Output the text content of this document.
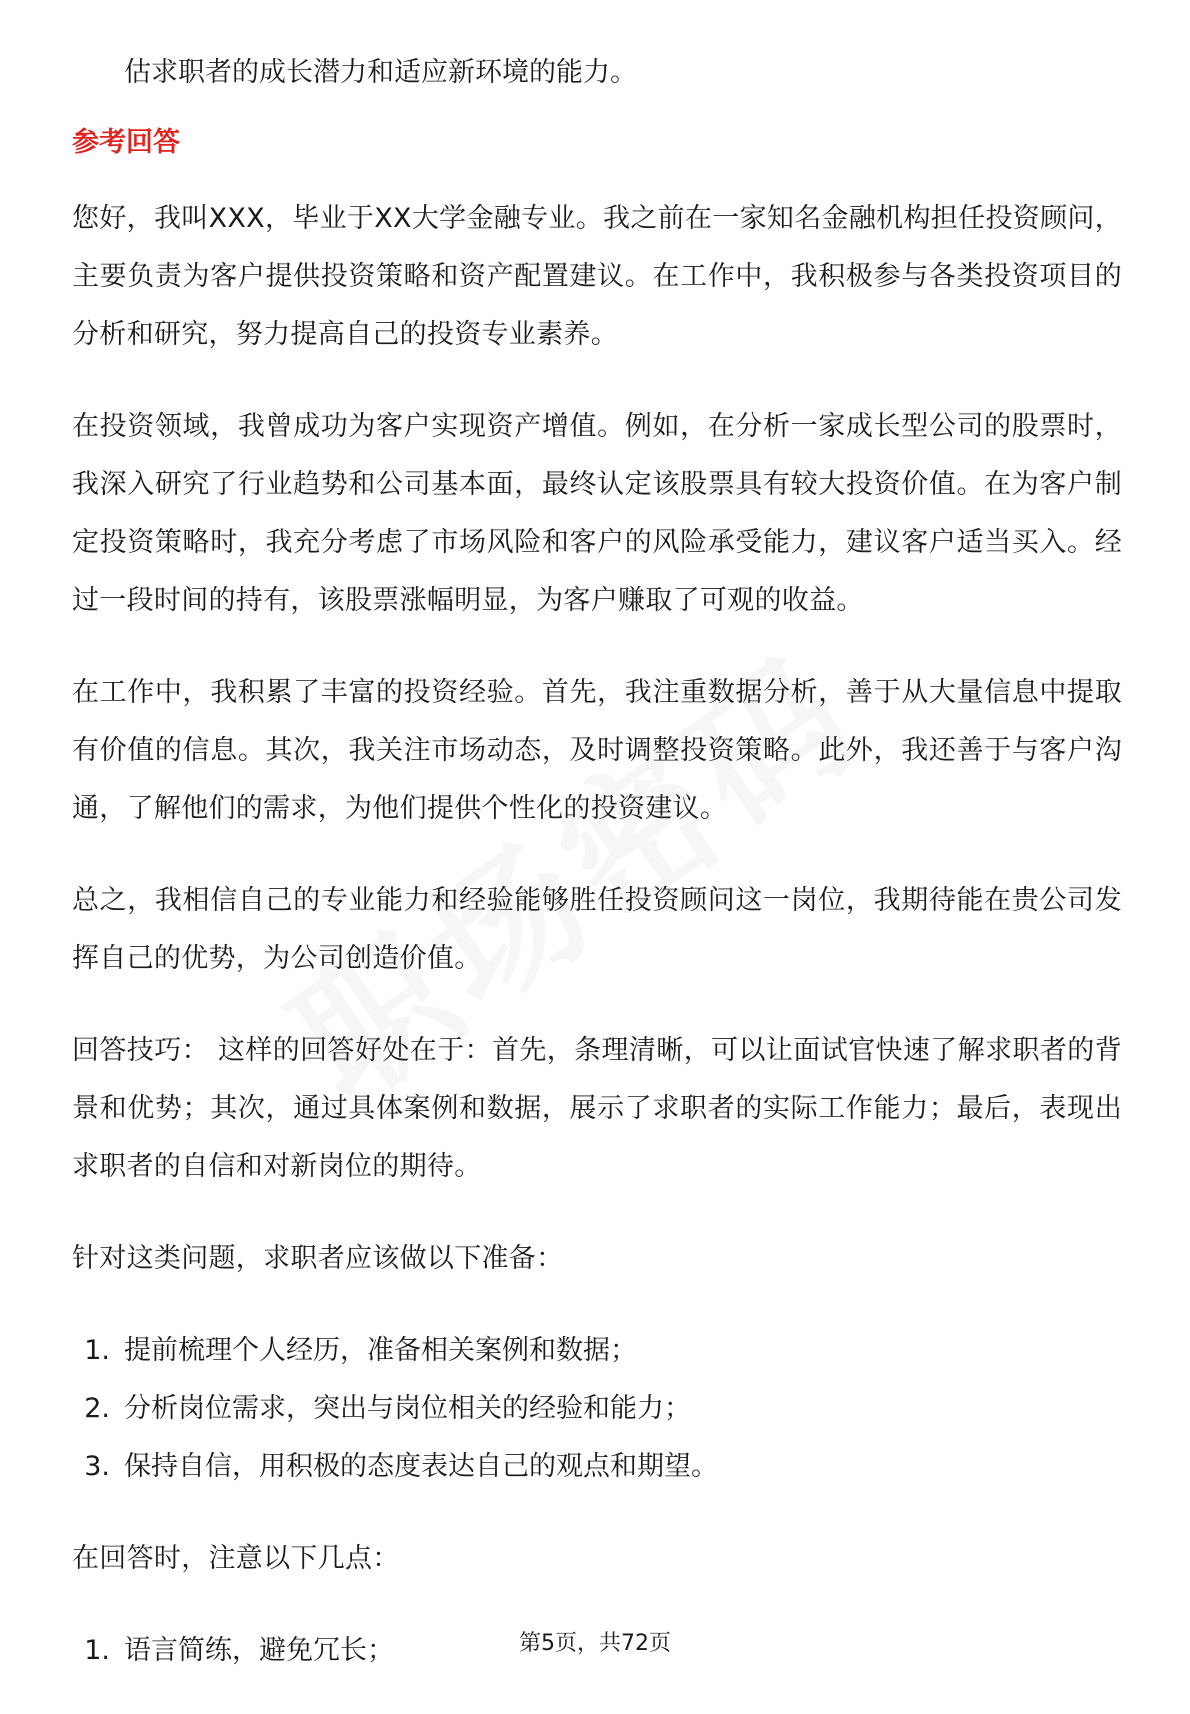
估求职者的成长潜力和适应新环境的能力。

参考回答

您好，我叫XXX，毕业于XX大学金融专业。我之前在一家知名金融机构担任投资顾问，主要负责为客户提供投资策略和资产配置建议。在工作中，我积极参与各类投资项目的分析和研究，努力提高自己的投资专业素养。

在投资领域，我曾成功为客户实现资产增值。例如，在分析一家成长型公司的股票时，我深入研究了行业趋势和公司基本面，最终认定该股票具有较大投资价值。在为客户制定投资策略时，我充分考虑了市场风险和客户的风险承受能力，建议客户适当买入。经过一段时间的持有，该股票涨幅明显，为客户赚取了可观的收益。

在工作中，我积累了丰富的投资经验。首先，我注重数据分析，善于从大量信息中提取有价值的信息。其次，我关注市场动态，及时调整投资策略。此外，我还善于与客户沟通，了解他们的需求，为他们提供个性化的投资建议。

总之，我相信自己的专业能力和经验能够胜任投资顾问这一岗位，我期待能在贵公司发挥自己的优势，为公司创造价值。

回答技巧： 这样的回答好处在于：首先，条理清晰，可以让面试官快速了解求职者的背景和优势；其次，通过具体案例和数据，展示了求职者的实际工作能力；最后，表现出求职者的自信和对新岗位的期待。

针对这类问题，求职者应该做以下准备：

1. 提前梳理个人经历，准备相关案例和数据；
2. 分析岗位需求，突出与岗位相关的经验和能力；
3. 保持自信，用积极的态度表达自己的观点和期望。

在回答时，注意以下几点：

1. 语言简练，避免冗长；	第5页，共72页
